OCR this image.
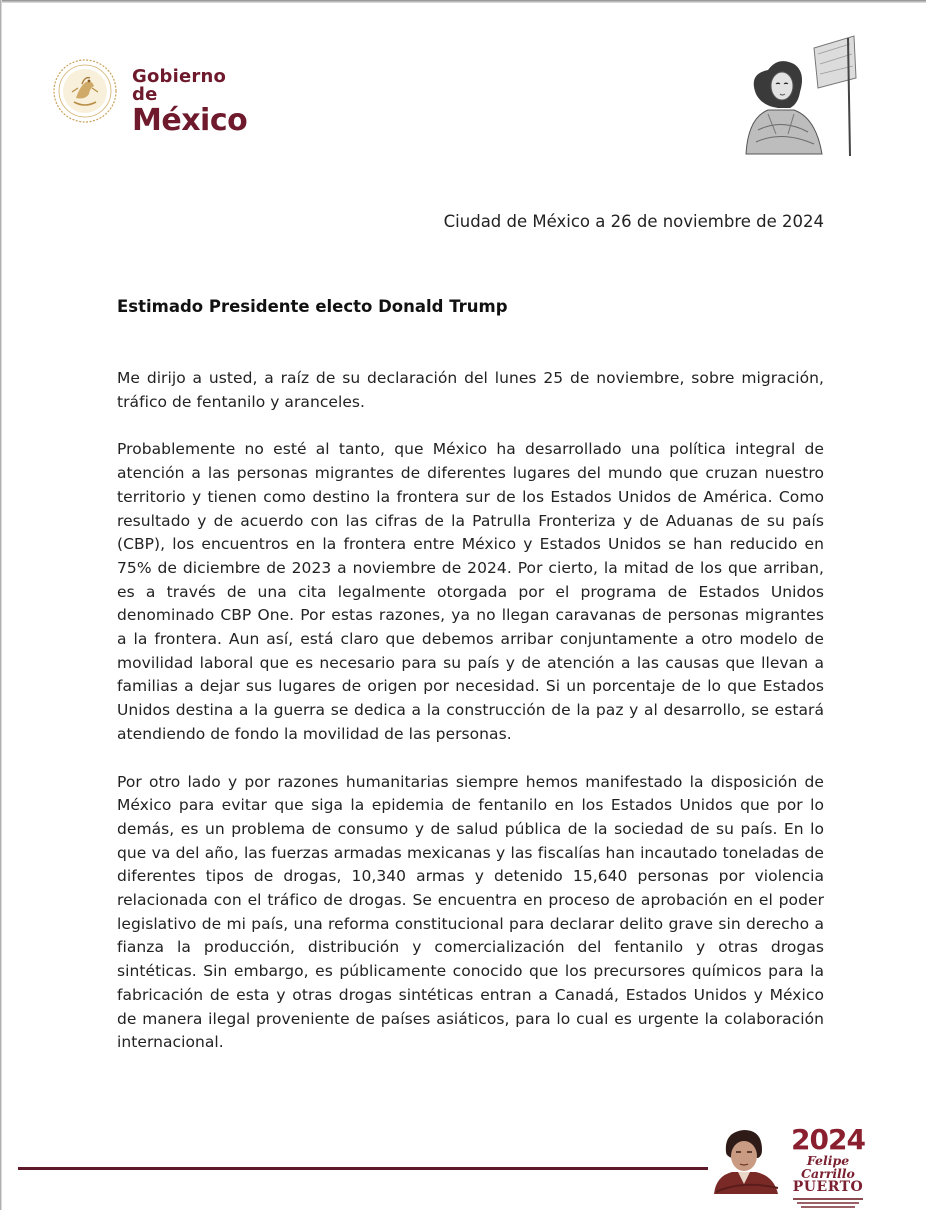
Gobierno de
México
Ciudad de México a 26 de noviembre de 2024
Estimado Presidente electo Donald Trump

Me dirijo a usted, a raíz de su declaración del lunes 25 de noviembre, sobre migración, tráfico de fentanilo y aranceles.

Probablemente no esté al tanto, que México ha desarrollado una política integral de atención a las personas migrantes de diferentes lugares del mundo que cruzan nuestro territorio y tienen como destino la frontera sur de los Estados Unidos de América. Como resultado y de acuerdo con las cifras de la Patrulla Fronteriza y de Aduanas de su país (CBP), los encuentros en la frontera entre México y Estados Unidos se han reducido en 75% de diciembre de 2023 a noviembre de 2024. Por cierto, la mitad de los que arriban, es a través de una cita legalmente otorgada por el programa de Estados Unidos denominado CBP One. Por estas razones, ya no llegan caravanas de personas migrantes a la frontera. Aun así, está claro que debemos arribar conjuntamente a otro modelo de movilidad laboral que es necesario para su país y de atención a las causas que llevan a familias a dejar sus lugares de origen por necesidad. Si un porcentaje de lo que Estados Unidos destina a la guerra se dedica a la construcción de la paz y al desarrollo, se estará atendiendo de fondo la movilidad de las personas.

Por otro lado y por razones humanitarias siempre hemos manifestado la disposición de México para evitar que siga la epidemia de fentanilo en los Estados Unidos que por lo demás, es un problema de consumo y de salud pública de la sociedad de su país. En lo que va del año, las fuerzas armadas mexicanas y las fiscalías han incautado toneladas de diferentes tipos de drogas, 10,340 armas y detenido 15,640 personas por violencia relacionada con el tráfico de drogas. Se encuentra en proceso de aprobación en el poder legislativo de mi país, una reforma constitucional para declarar delito grave sin derecho a fianza la producción, distribución y comercialización del fentanilo y otras drogas sintéticas. Sin embargo, es públicamente conocido que los precursores químicos para la fabricación de esta y otras drogas sintéticas entran a Canadá, Estados Unidos y México de manera ilegal proveniente de países asiáticos, para lo cual es urgente la colaboración internacional.

2024
Felipe Carrillo
PUERTO
